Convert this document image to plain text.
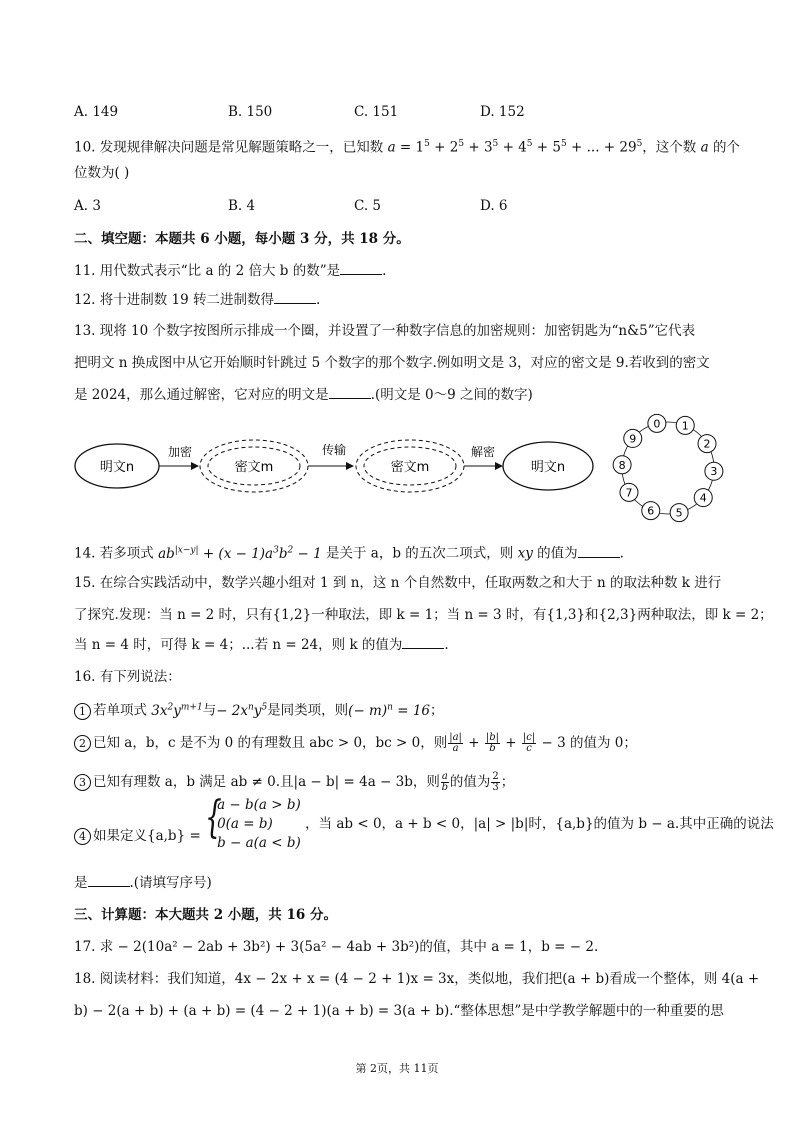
A. 149	B. 150	C. 151	D. 152
10. 发现规律解决问题是常见解题策略之一，已知数 $a = 1^5 + 2^5 + 3^5 + 4^5 + 5^5$ + ... + $29^5$，这个数 a 的个
位数为( )
A. 3	B. 4	C. 5	D. 6
二、填空题：本题共 6 小题，每小题 3 分，共 18 分。
11. 用代数式表示“比 a 的 2 倍大 b 的数”是	.
12. 将十进制数 19 转二进制数得	.
13. 现将 10 个数字按图所示排成一个圈，并设置了一种数字信息的加密规则：加密钥匙为“n&5”它代表
把明文 n 换成图中从它开始顺时针跳过 5 个数字的那个数字.例如明文是 3，对应的密文是 9.若收到的密文
是 2024，那么通过解密，它对应的明文是	.(明文是 0～9 之间的数字)
明文n
加密
密文m
传输
密文m
解密
明文n
0 1
2
3
4
5
6
7
8
9
14. 若多项式 $ab^{|x-y|} + (x - 1)a^3b^2 - 1$ 是关于 a，b 的五次二项式，则 xy 的值为	.
15. 在综合实践活动中，数学兴趣小组对 1 到 n，这 n 个自然数中，任取两数之和大于 n 的取法种数 k 进行
了探究.发现：当 n = 2 时，只有{1,2}一种取法，即 k = 1；当 n = 3 时，有{1,3}和{2,3}两种取法，即 k = 2；
当 n = 4 时，可得 k = 4；...若 n = 24，则 k 的值为	.
16. 有下列说法：
1 若单项式 $3x^2y^{m+1}$与− $2x^ny^5$是同类项，则(− m)$^n$ = 16；
2 已知 a，b，c 是不为 0 的有理数且 abc > 0，bc > 0，则 $\frac{|a|}{a} + \frac{|b|}{b} + \frac{|c|}{c} - 3$ 的值为 0；
3 已知有理数 a，b 满足 ab ≠ 0.且|a − b| = 4a − 3b，则 $\frac{a}{b}$ 的值为 $\frac{2}{3}$ ；
4 如果定义{a,b} = {
a − b(a > b)
0(a = b)
b − a(a < b)
，当 ab < 0，a + b < 0，|a| > |b|时，{a,b}的值为 b − a.其中正确的说法
是	.(请填写序号)
三、计算题：本大题共 2 小题，共 16 分。
17. 求 − 2(10a² − 2ab + 3b²) + 3(5a² − 4ab + 3b²)的值，其中 a = 1，b = − 2.
18. 阅读材料：我们知道，4x − 2x + x = (4 − 2 + 1)x = 3x，类似地，我们把(a + b)看成一个整体，则 4(a +
b) − 2(a + b) + (a + b) = (4 − 2 + 1)(a + b) = 3(a + b).“整体思想”是中学教学解题中的一种重要的思
第 2页，共 11页
